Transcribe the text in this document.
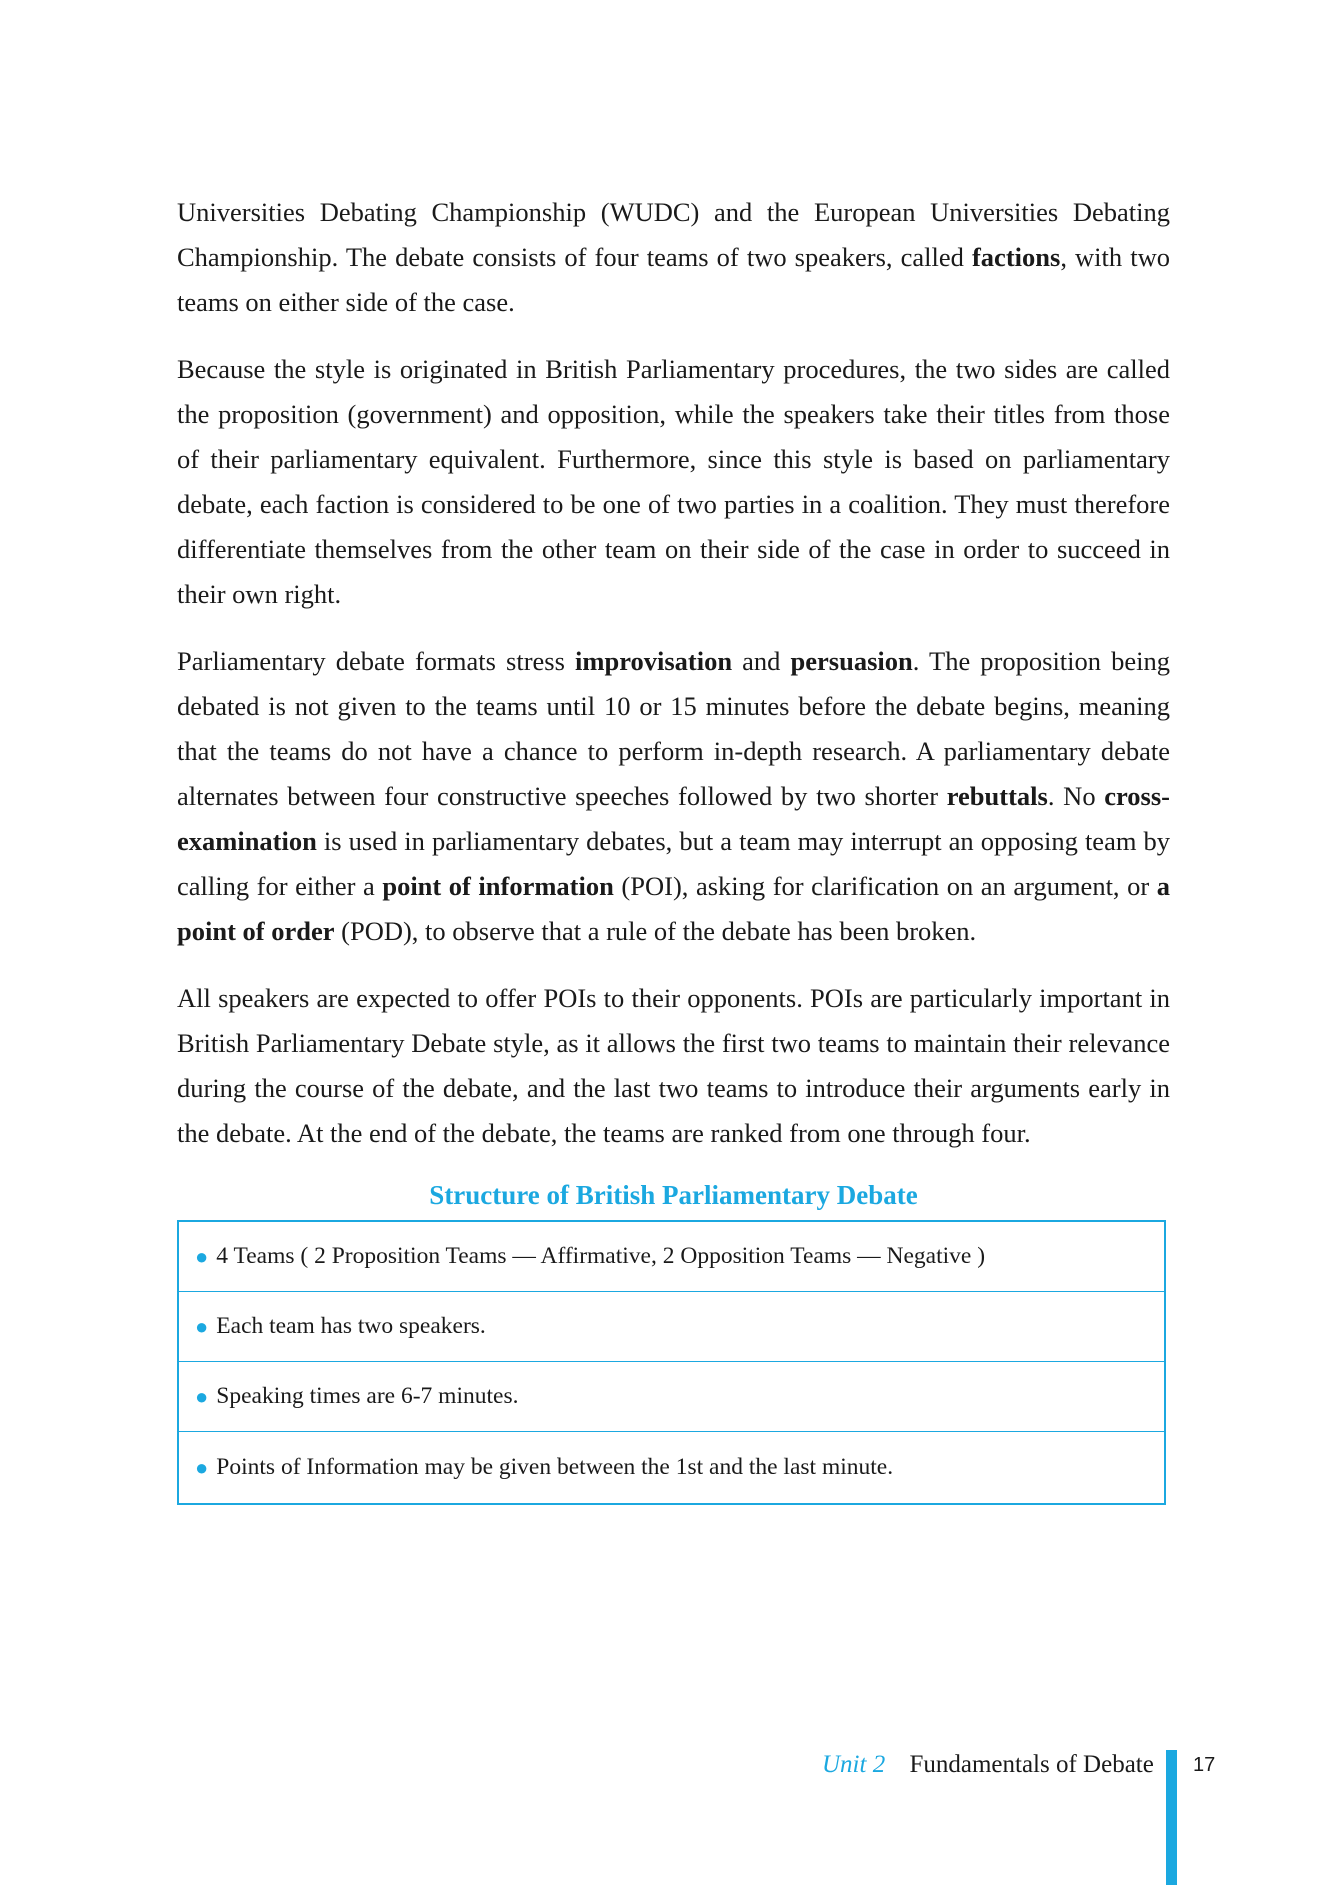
Universities Debating Championship (WUDC) and the European Universities Debating Championship. The debate consists of four teams of two speakers, called factions, with two teams on either side of the case.

Because the style is originated in British Parliamentary procedures, the two sides are called the proposition (government) and opposition, while the speakers take their titles from those of their parliamentary equivalent. Furthermore, since this style is based on parliamentary debate, each faction is considered to be one of two parties in a coalition. They must therefore differentiate themselves from the other team on their side of the case in order to succeed in their own right.

Parliamentary debate formats stress improvisation and persuasion. The proposition being debated is not given to the teams until 10 or 15 minutes before the debate begins, meaning that the teams do not have a chance to perform in-depth research. A parliamentary debate alternates between four constructive speeches followed by two shorter rebuttals. No cross-examination is used in parliamentary debates, but a team may interrupt an opposing team by calling for either a point of information (POI), asking for clarification on an argument, or a point of order (POD), to observe that a rule of the debate has been broken.

All speakers are expected to offer POIs to their opponents. POIs are particularly important in British Parliamentary Debate style, as it allows the first two teams to maintain their relevance during the course of the debate, and the last two teams to introduce their arguments early in the debate. At the end of the debate, the teams are ranked from one through four.

Structure of British Parliamentary Debate
● 4 Teams ( 2 Proposition Teams — Affirmative, 2 Opposition Teams — Negative )
● Each team has two speakers.
● Speaking times are 6-7 minutes.
● Points of Information may be given between the 1st and the last minute.
Unit 2 Fundamentals of Debate 17
